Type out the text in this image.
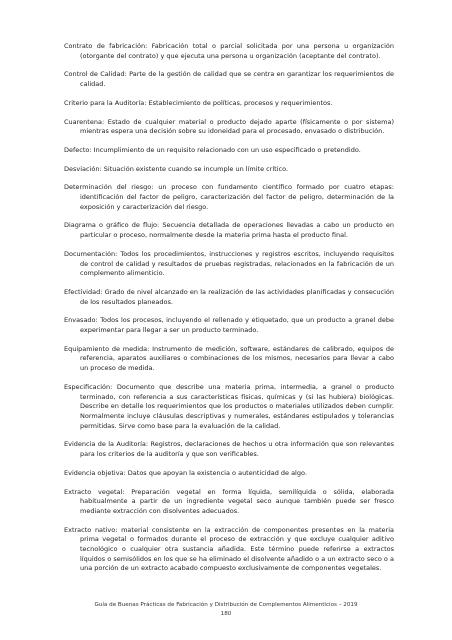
Contrato de fabricación: Fabricación total o parcial solicitada por una persona u organización (otorgante del contrato) y que ejecuta una persona u organización (aceptante del contrato).

Control de Calidad: Parte de la gestión de calidad que se centra en garantizar los requerimientos de calidad.

Criterio para la Auditoría: Establecimiento de políticas, procesos y requerimientos.

Cuarentena: Estado de cualquier material o producto dejado aparte (físicamente o por sistema) mientras espera una decisión sobre su idoneidad para el procesado, envasado o distribución.

Defecto: Incumplimiento de un requisito relacionado con un uso especificado o pretendido.

Desviación: Situación existente cuando se incumple un límite crítico.

Determinación del riesgo: un proceso con fundamento científico formado por cuatro etapas: identificación del factor de peligro, caracterización del factor de peligro, determinación de la exposición y caracterización del riesgo.

Diagrama o gráfico de flujo: Secuencia detallada de operaciones llevadas a cabo un producto en particular o proceso, normalmente desde la materia prima hasta el producto final.

Documentación: Todos los procedimientos, instrucciones y registros escritos, incluyendo requisitos de control de calidad y resultados de pruebas registradas, relacionados en la fabricación de un complemento alimenticio.

Efectividad: Grado de nivel alcanzado en la realización de las actividades planificadas y consecución de los resultados planeados.

Envasado: Todos los procesos, incluyendo el rellenado y etiquetado, que un producto a granel debe experimentar para llegar a ser un producto terminado.

Equipamiento de medida: Instrumento de medición, software, estándares de calibrado, equipos de referencia, aparatos auxiliares o combinaciones de los mismos, necesarios para llevar a cabo un proceso de medida.

Especificación: Documento que describe una materia prima, intermedia, a granel o producto terminado, con referencia a sus características físicas, químicas y (si las hubiera) biológicas. Describe en detalle los requerimientos que los productos o materiales utilizados deben cumplir. Normalmente incluye cláusulas descriptivas y numerales, estándares estipulados y tolerancias permitidas. Sirve como base para la evaluación de la calidad.

Evidencia de la Auditoría: Registros, declaraciones de hechos u otra información que son relevantes para los criterios de la auditoría y que son verificables.

Evidencia objetiva: Datos que apoyan la existencia o autenticidad de algo.

Extracto vegetal: Preparación vegetal en forma líquida, semilíquida o sólida, elaborada habitualmente a partir de un ingrediente vegetal seco aunque también puede ser fresco mediante extracción con disolventes adecuados.

Extracto nativo: material consistente en la extracción de componentes presentes en la materia prima vegetal o formados durante el proceso de extracción y que excluye cualquier aditivo tecnológico o cualquier otra sustancia añadida. Este término puede referirse a extractos líquidos o semisólidos en los que se ha eliminado el disolvente añadido o a un extracto seco o a una porción de un extracto acabado compuesto exclusivamente de componentes vegetales.

Guía de Buenas Prácticas de Fabricación y Distribución de Complementos Alimenticios – 2019
180
